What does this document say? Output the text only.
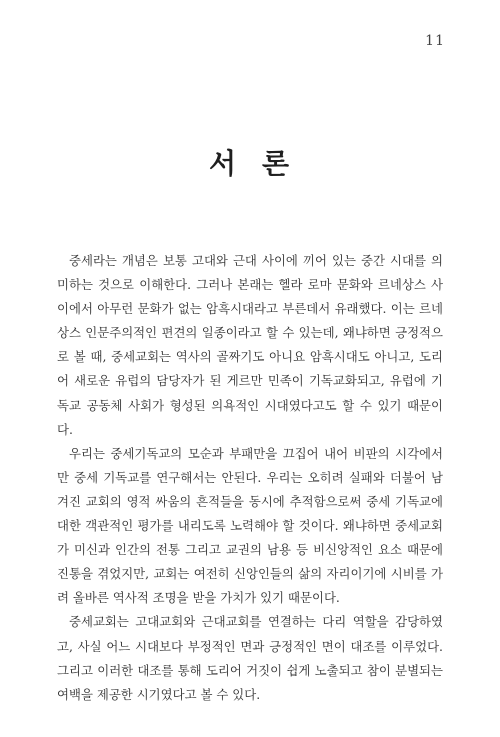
11
서 론

중세라는 개념은 보통 고대와 근대 사이에 끼어 있는 중간 시대를 의미하는 것으로 이해한다. 그러나 본래는 헬라 로마 문화와 르네상스 사이에서 아무런 문화가 없는 암흑시대라고 부른데서 유래했다. 이는 르네상스 인문주의적인 편견의 일종이라고 할 수 있는데, 왜냐하면 긍정적으로 볼 때, 중세교회는 역사의 골짜기도 아니요 암흑시대도 아니고, 도리어 새로운 유럽의 담당자가 된 게르만 민족이 기독교화되고, 유럽에 기독교 공동체 사회가 형성된 의욕적인 시대였다고도 할 수 있기 때문이다.

우리는 중세기독교의 모순과 부패만을 끄집어 내어 비판의 시각에서만 중세 기독교를 연구해서는 안된다. 우리는 오히려 실패와 더불어 남겨진 교회의 영적 싸움의 흔적들을 동시에 추적함으로써 중세 기독교에 대한 객관적인 평가를 내리도록 노력해야 할 것이다. 왜냐하면 중세교회가 미신과 인간의 전통 그리고 교권의 남용 등 비신앙적인 요소 때문에 진통을 겪었지만, 교회는 여전히 신앙인들의 삶의 자리이기에 시비를 가려 올바른 역사적 조명을 받을 가치가 있기 때문이다.

중세교회는 고대교회와 근대교회를 연결하는 다리 역할을 감당하였고, 사실 어느 시대보다 부정적인 면과 긍정적인 면이 대조를 이루었다. 그리고 이러한 대조를 통해 도리어 거짓이 쉽게 노출되고 참이 분별되는 여백을 제공한 시기였다고 볼 수 있다.
